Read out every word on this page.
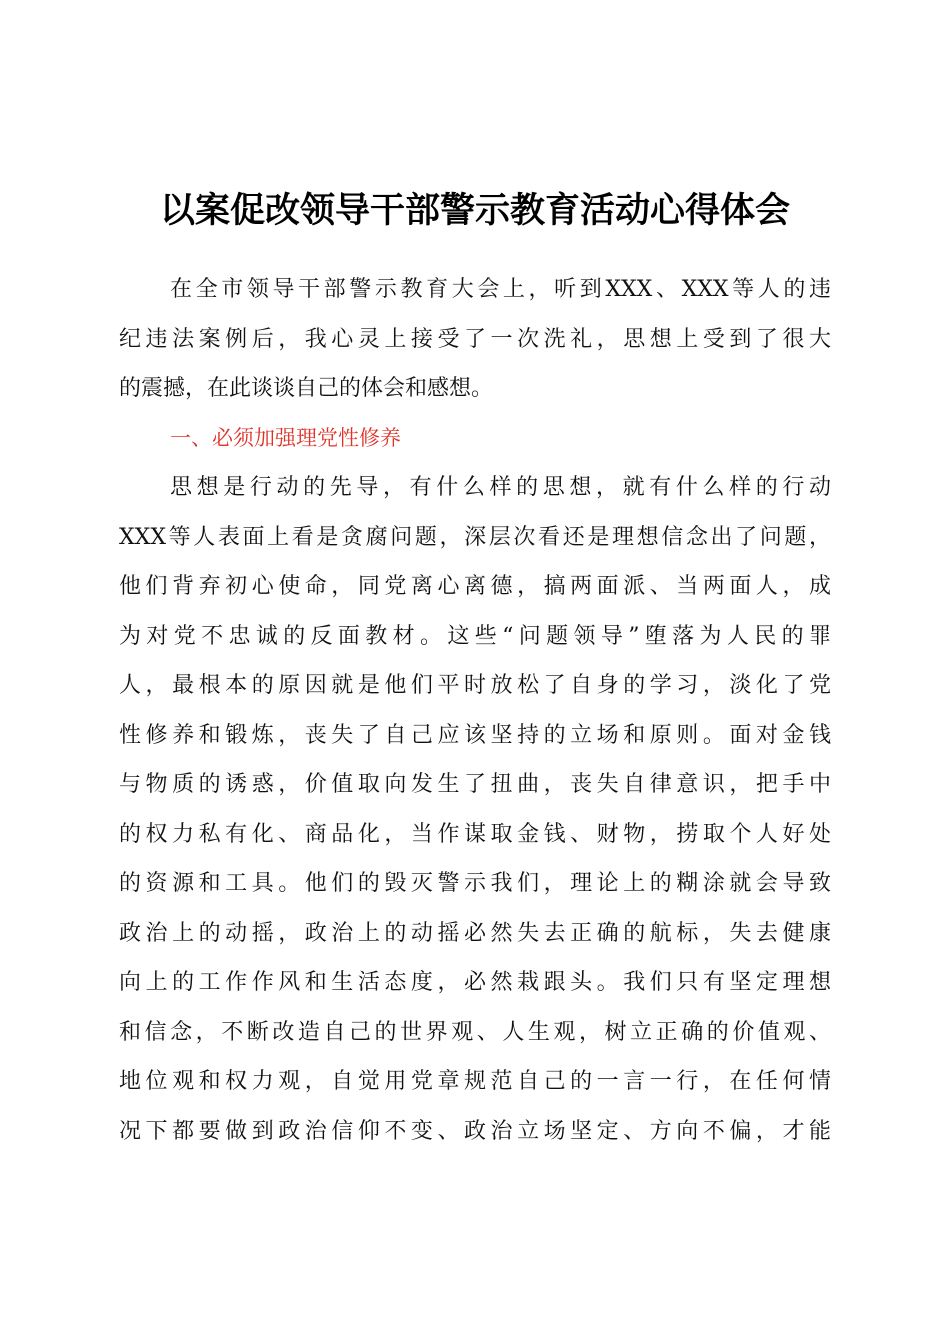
以案促改领导干部警示教育活动心得体会
在全市领导干部警示教育大会上，听到XXX、XXX等人的违
纪违法案例后，我心灵上接受了一次洗礼，思想上受到了很大
的震撼，在此谈谈自己的体会和感想。
一、必须加强理党性修养
思想是行动的先导，有什么样的思想，就有什么样的行动
XXX等人表面上看是贪腐问题，深层次看还是理想信念出了问题，
他们背弃初心使命，同党离心离德，搞两面派、当两面人，成
为对党不忠诚的反面教材。这些“问题领导”堕落为人民的罪
人，最根本的原因就是他们平时放松了自身的学习，淡化了党
性修养和锻炼，丧失了自己应该坚持的立场和原则。面对金钱
与物质的诱惑，价值取向发生了扭曲，丧失自律意识，把手中
的权力私有化、商品化，当作谋取金钱、财物，捞取个人好处
的资源和工具。他们的毁灭警示我们，理论上的糊涂就会导致
政治上的动摇，政治上的动摇必然失去正确的航标，失去健康
向上的工作作风和生活态度，必然栽跟头。我们只有坚定理想
和信念，不断改造自己的世界观、人生观，树立正确的价值观、
地位观和权力观，自觉用党章规范自己的一言一行，在任何情
况下都要做到政治信仰不变、政治立场坚定、方向不偏，才能
